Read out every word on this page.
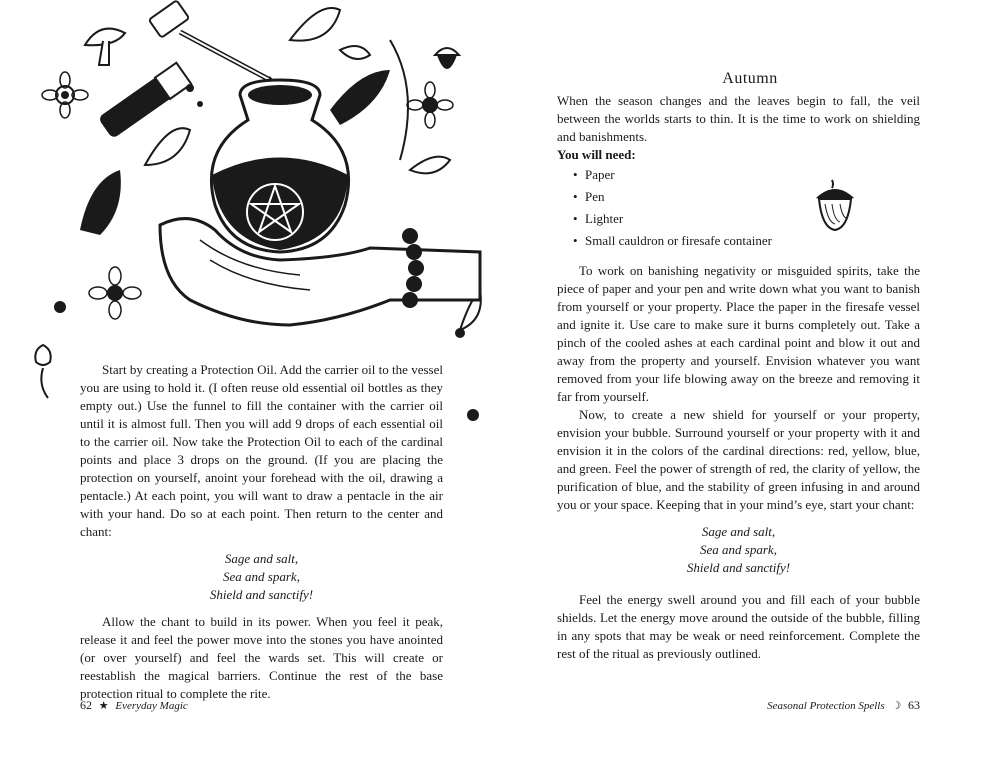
Start by creating a Protection Oil. Add the carrier oil to the vessel you are using to hold it. (I often reuse old essential oil bottles as they empty out.) Use the funnel to fill the container with the carrier oil until it is almost full. Then you will add 9 drops of each essential oil to the carrier oil. Now take the Protection Oil to each of the cardinal points and place 3 drops on the ground. (If you are placing the protection on yourself, anoint your forehead with the oil, drawing a pentacle.) At each point, you will want to draw a pentacle in the air with your hand. Do so at each point. Then return to the center and chant:

Sage and salt,
Sea and spark,
Shield and sanctify!

Allow the chant to build in its power. When you feel it peak, release it and feel the power move into the stones you have anointed (or over yourself) and feel the wards set. This will create or reestablish the magical barriers. Continue the rest of the base protection ritual to complete the rite.

62 ★ Everyday Magic
Autumn

When the season changes and the leaves begin to fall, the veil between the worlds starts to thin. It is the time to work on shielding and banishments.

You will need:

• Paper
• Pen
• Lighter
• Small cauldron or firesafe container

To work on banishing negativity or misguided spirits, take the piece of paper and your pen and write down what you want to banish from yourself or your property. Place the paper in the firesafe vessel and ignite it. Use care to make sure it burns completely out. Take a pinch of the cooled ashes at each cardinal point and blow it out and away from the property and yourself. Envision whatever you want removed from your life blowing away on the breeze and removing it far from yourself.

Now, to create a new shield for yourself or your property, envision your bubble. Surround yourself or your property with it and envision it in the colors of the cardinal directions: red, yellow, blue, and green. Feel the power of strength of red, the clarity of yellow, the purification of blue, and the stability of green infusing in and around you or your space. Keeping that in your mind’s eye, start your chant:

Sage and salt,
Sea and spark,
Shield and sanctify!

Feel the energy swell around you and fill each of your bubble shields. Let the energy move around the outside of the bubble, filling in any spots that may be weak or need reinforcement. Complete the rest of the ritual as previously outlined.

Seasonal Protection Spells ☽ 63
